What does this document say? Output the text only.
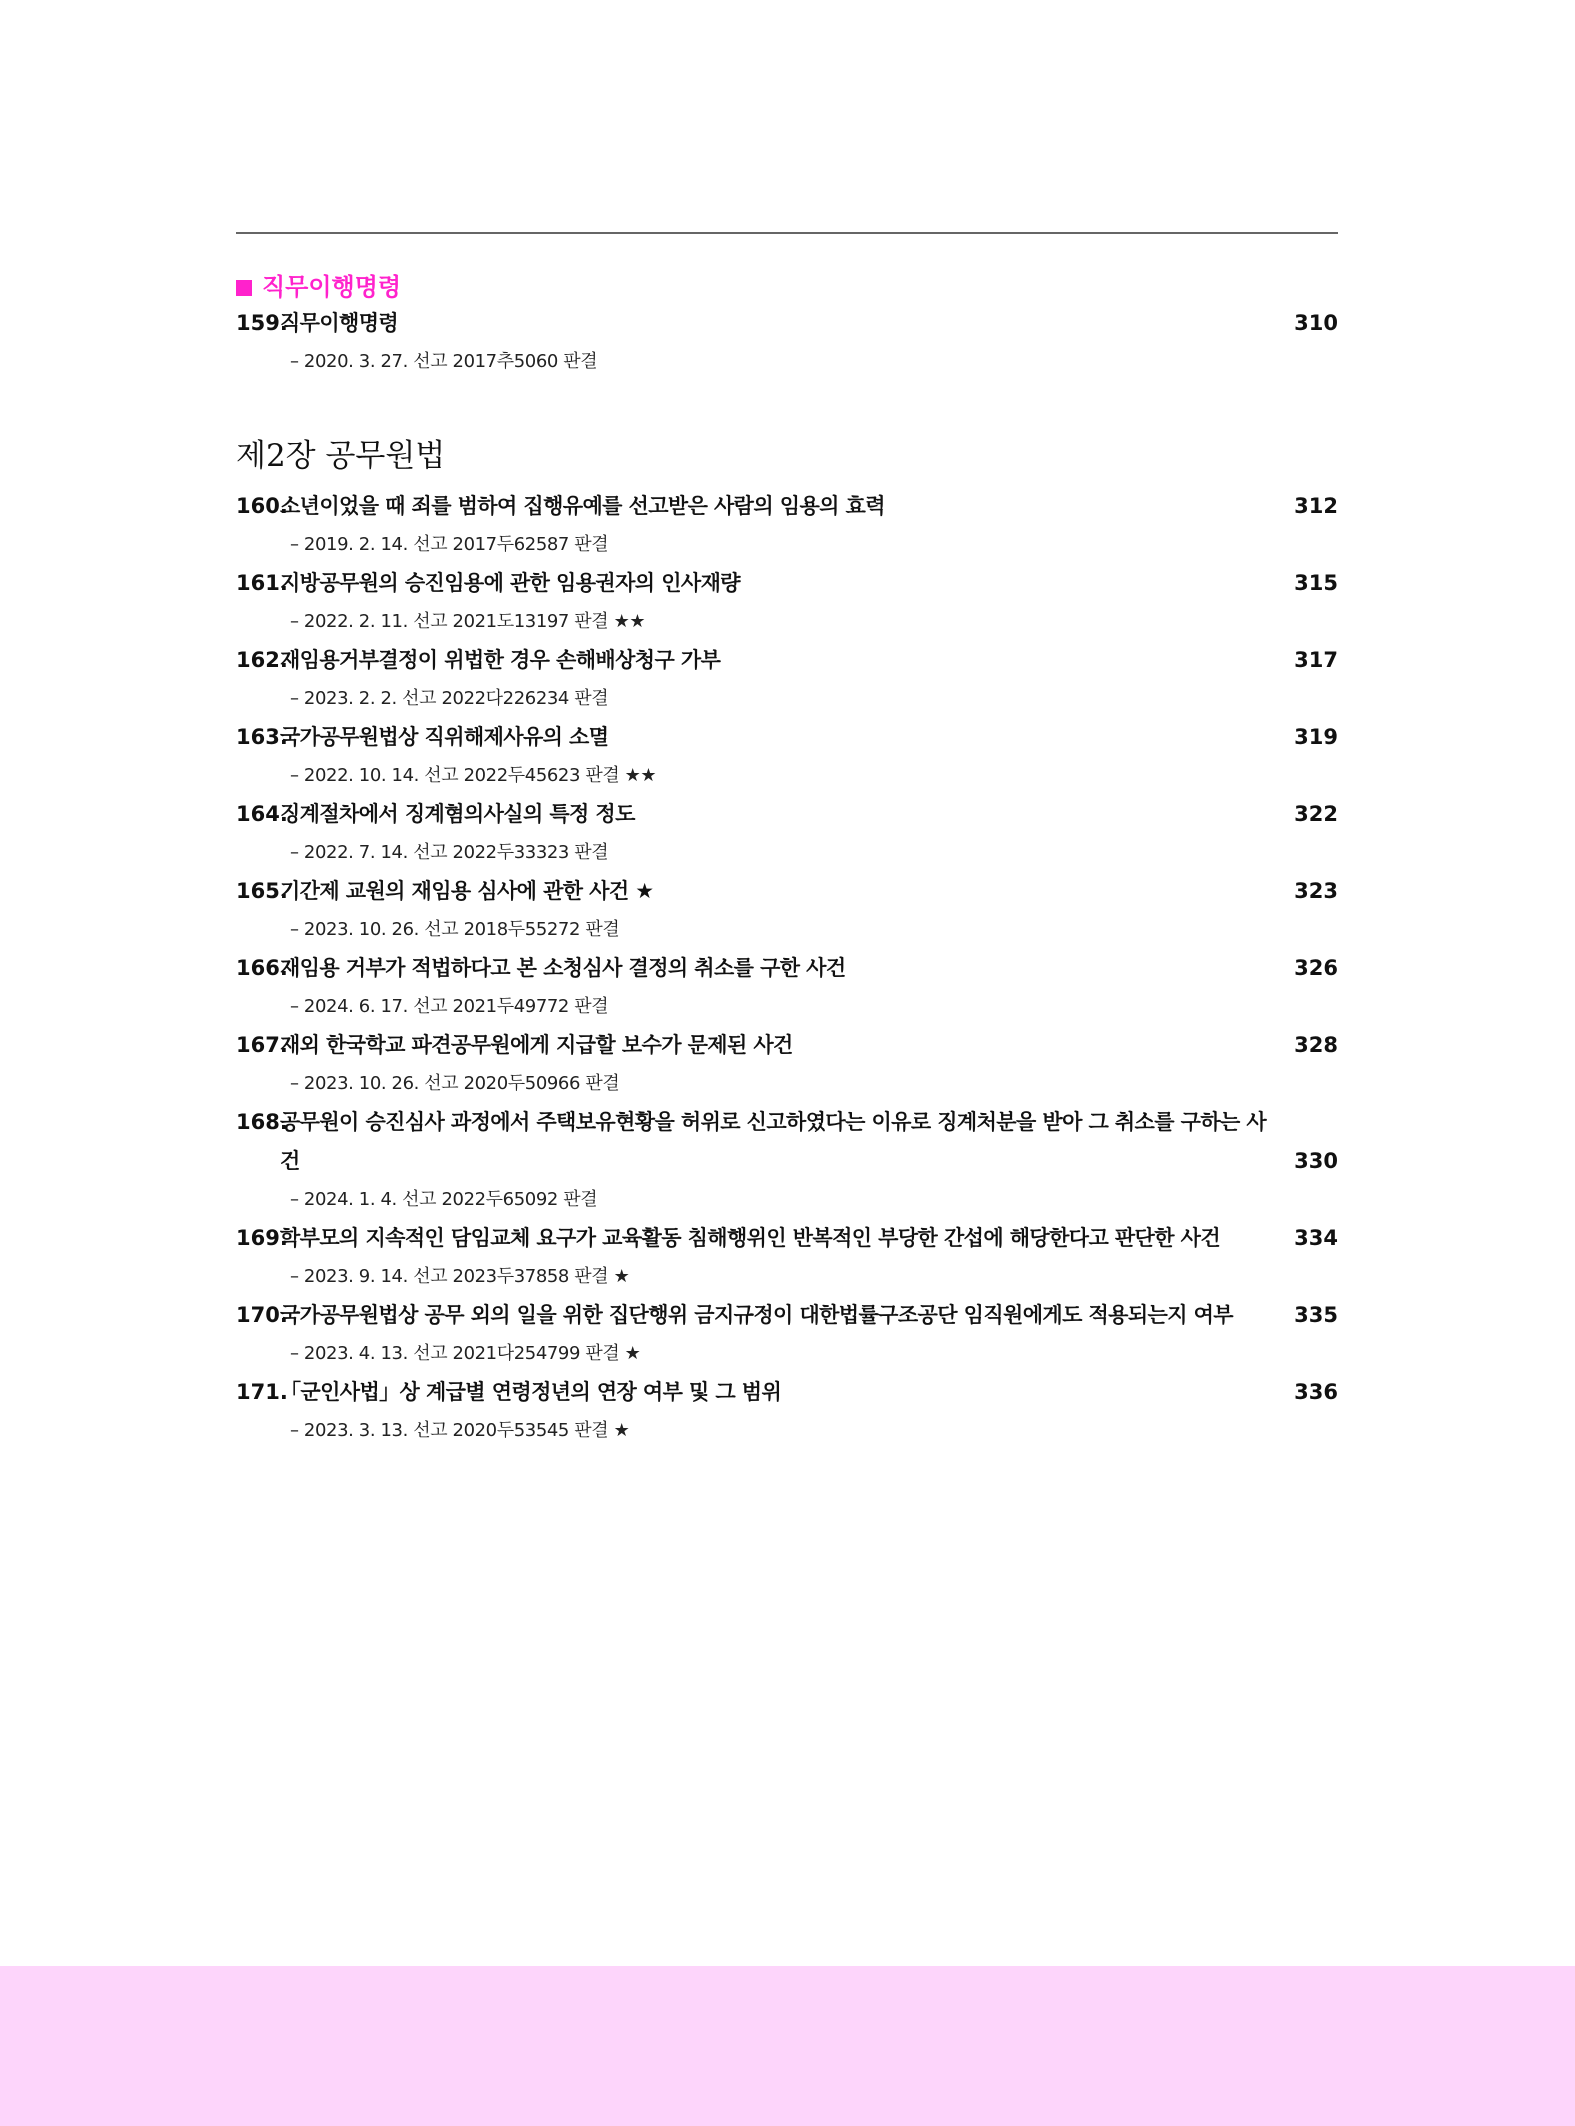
직무이행명령
159.
직무이행명령	310
– 2020. 3. 27. 선고 2017추5060 판결
제2장 공무원법
160.
소년이었을 때 죄를 범하여 집행유예를 선고받은 사람의 임용의 효력	312
– 2019. 2. 14. 선고 2017두62587 판결
161.
지방공무원의 승진임용에 관한 임용권자의 인사재량	315
– 2022. 2. 11. 선고 2021도13197 판결 ★★
162.
재임용거부결정이 위법한 경우 손해배상청구 가부	317
– 2023. 2. 2. 선고 2022다226234 판결
163.
국가공무원법상 직위해제사유의 소멸	319
– 2022. 10. 14. 선고 2022두45623 판결 ★★
164.
징계절차에서 징계혐의사실의 특정 정도	322
– 2022. 7. 14. 선고 2022두33323 판결
165.
기간제 교원의 재임용 심사에 관한 사건 ★	323
– 2023. 10. 26. 선고 2018두55272 판결
166.
재임용 거부가 적법하다고 본 소청심사 결정의 취소를 구한 사건	326
– 2024. 6. 17. 선고 2021두49772 판결
167.
재외 한국학교 파견공무원에게 지급할 보수가 문제된 사건	328
– 2023. 10. 26. 선고 2020두50966 판결
168.
공무원이 승진심사 과정에서 주택보유현황을 허위로 신고하였다는 이유로 징계처분을 받아 그 취소를 구하는 사건	330
– 2024. 1. 4. 선고 2022두65092 판결
169.
학부모의 지속적인 담임교체 요구가 교육활동 침해행위인 반복적인 부당한 간섭에 해당한다고 판단한 사건	334
– 2023. 9. 14. 선고 2023두37858 판결 ★
170.
국가공무원법상 공무 외의 일을 위한 집단행위 금지규정이 대한법률구조공단 임직원에게도 적용되는지 여부	335
– 2023. 4. 13. 선고 2021다254799 판결 ★
171.
「군인사법」상 계급별 연령정년의 연장 여부 및 그 범위	336
– 2023. 3. 13. 선고 2020두53545 판결 ★
